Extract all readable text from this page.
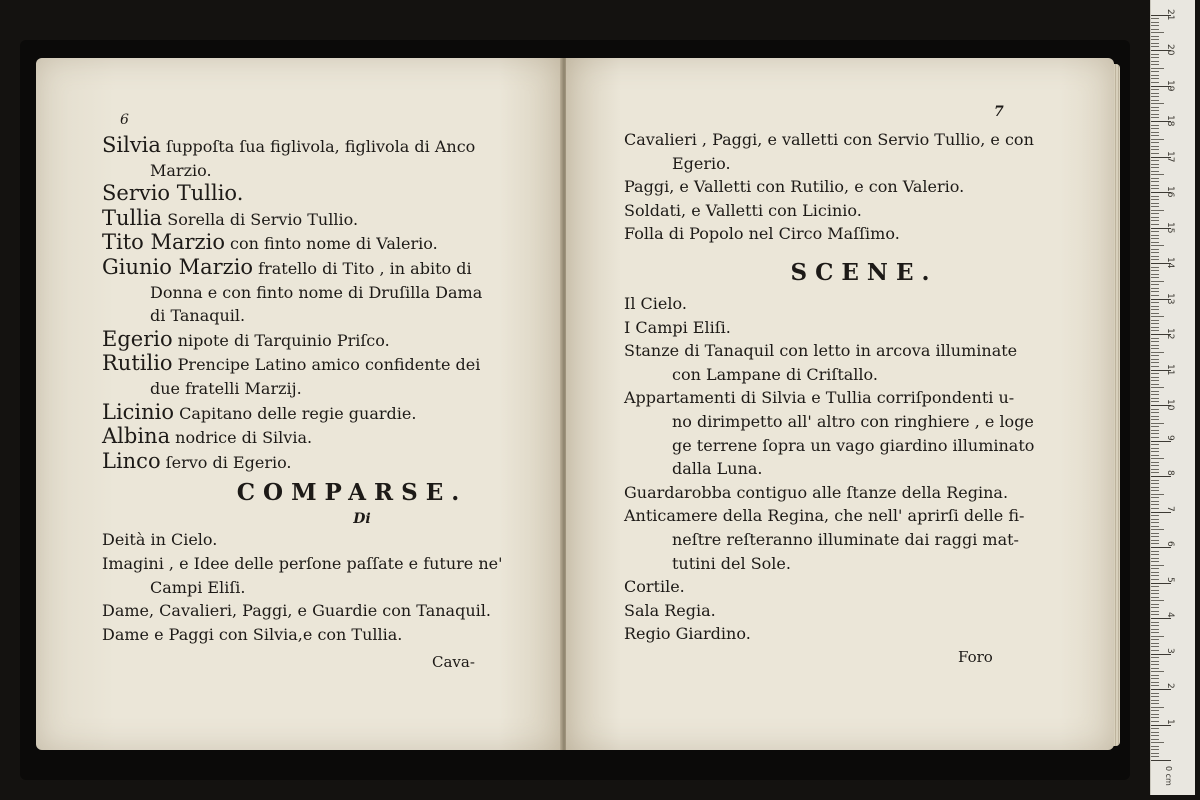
6
Silvia ſuppoſta ſua figlivola, figlivola di Anco
Marzio.
Servio Tullio.
Tullia Sorella di Servio Tullio.
Tito Marzio con finto nome di Valerio.
Giunio Marzio fratello di Tito , in abito di
Donna e con finto nome di Druſilla Dama
di Tanaquil.
Egerio nipote di Tarquinio Priſco.
Rutilio Prencipe Latino amico confidente dei
due fratelli Marzij.
Licinio Capitano delle regie guardie.
Albina nodrice di Silvia.
Linco ſervo di Egerio.
COMPARSE.
Di
Deità in Cielo.
Imagini , e Idee delle perſone paſſate e future ne'
Campi Eliſi.
Dame, Cavalieri, Paggi, e Guardie con Tanaquil.
Dame e Paggi con Silvia,e con Tullia.
Cava-
7
Cavalieri , Paggi, e valletti con Servio Tullio, e con
Egerio.
Paggi, e Valletti con Rutilio, e con Valerio.
Soldati, e Valletti con Licinio.
Folla di Popolo nel Circo Maſſimo.
SCENE.
Il Cielo.
I Campi Eliſi.
Stanze di Tanaquil con letto in arcova illuminate
con Lampane di Criſtallo.
Appartamenti di Silvia e Tullia corriſpondenti u-
no dirimpetto all' altro con ringhiere , e loge
ge terrene ſopra un vago giardino illuminato
dalla Luna.
Guardarobba contiguo alle ſtanze della Regina.
Anticamere della Regina, che nell' aprirſi delle fi-
neſtre reſteranno illuminate dai raggi mat-
tutini del Sole.
Cortile.
Sala Regia.
Regio Giardino.
Foro
0 cm
1
2
3
4
5
6
7
8
9
10
11
12
13
14
15
16
17
18
19
20
21
